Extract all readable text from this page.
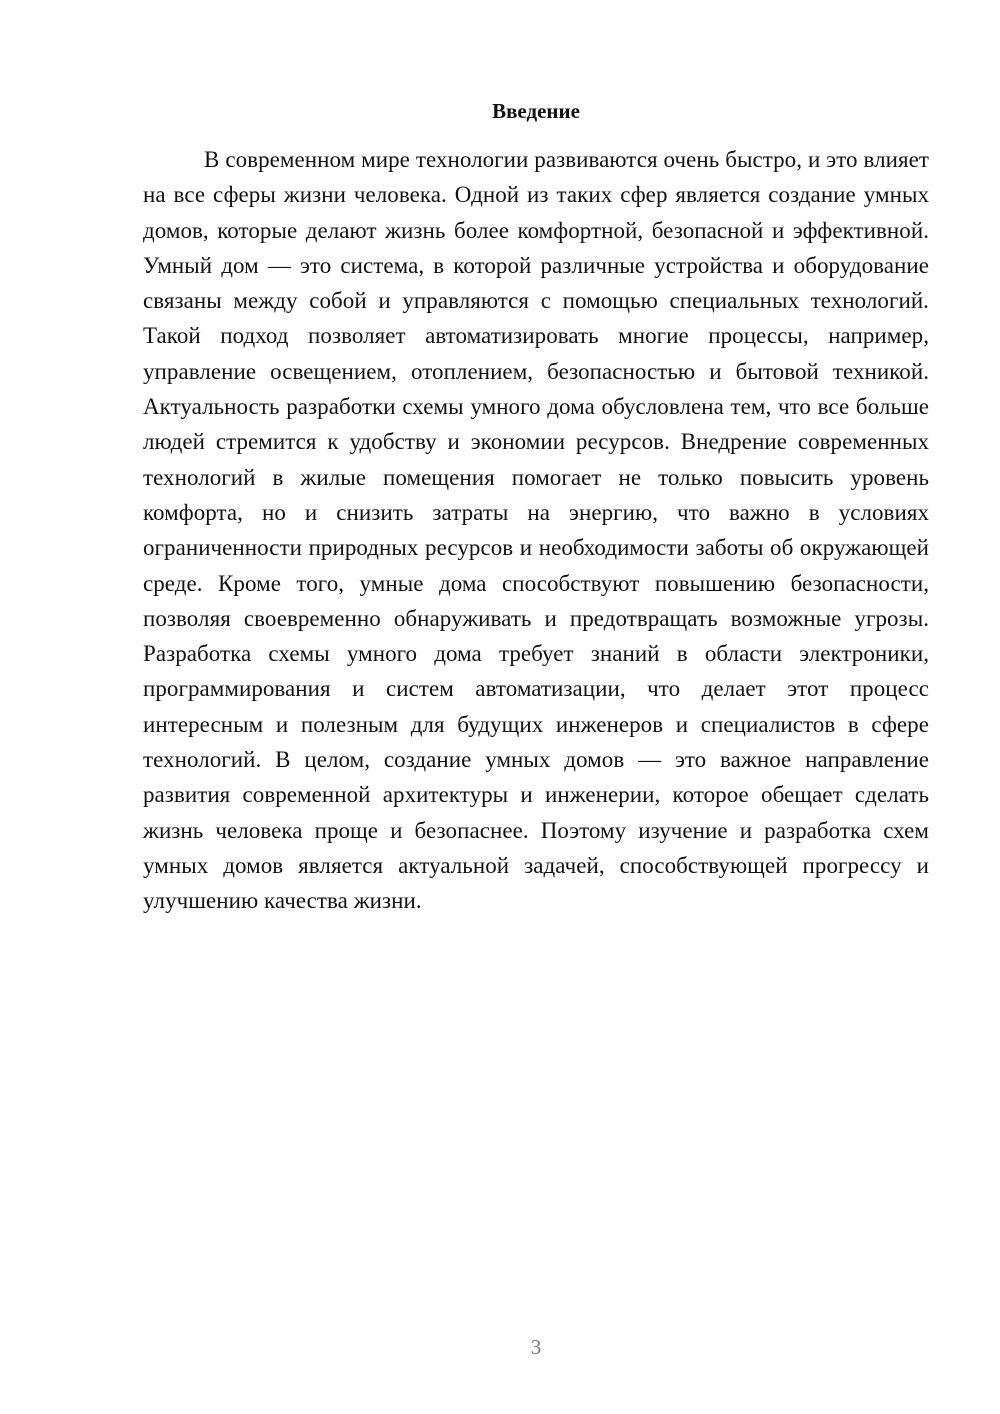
Введение

В современном мире технологии развиваются очень быстро, и это влияет на все сферы жизни человека. Одной из таких сфер является создание умных домов, которые делают жизнь более комфортной, безопасной и эффективной. Умный дом — это система, в которой различные устройства и оборудование связаны между собой и управляются с помощью специальных технологий. Такой подход позволяет автоматизировать многие процессы, например, управление освещением, отоплением, безопасностью и бытовой техникой. Актуальность разработки схемы умного дома обусловлена тем, что все больше людей стремится к удобству и экономии ресурсов. Внедрение современных технологий в жилые помещения помогает не только повысить уровень комфорта, но и снизить затраты на энергию, что важно в условиях ограниченности природных ресурсов и необходимости заботы об окружающей среде. Кроме того, умные дома способствуют повышению безопасности, позволяя своевременно обнаруживать и предотвращать возможные угрозы. Разработка схемы умного дома требует знаний в области электроники, программирования и систем автоматизации, что делает этот процесс интересным и полезным для будущих инженеров и специалистов в сфере технологий. В целом, создание умных домов — это важное направление развития современной архитектуры и инженерии, которое обещает сделать жизнь человека проще и безопаснее. Поэтому изучение и разработка схем умных домов является актуальной задачей, способствующей прогрессу и улучшению качества жизни.

3
